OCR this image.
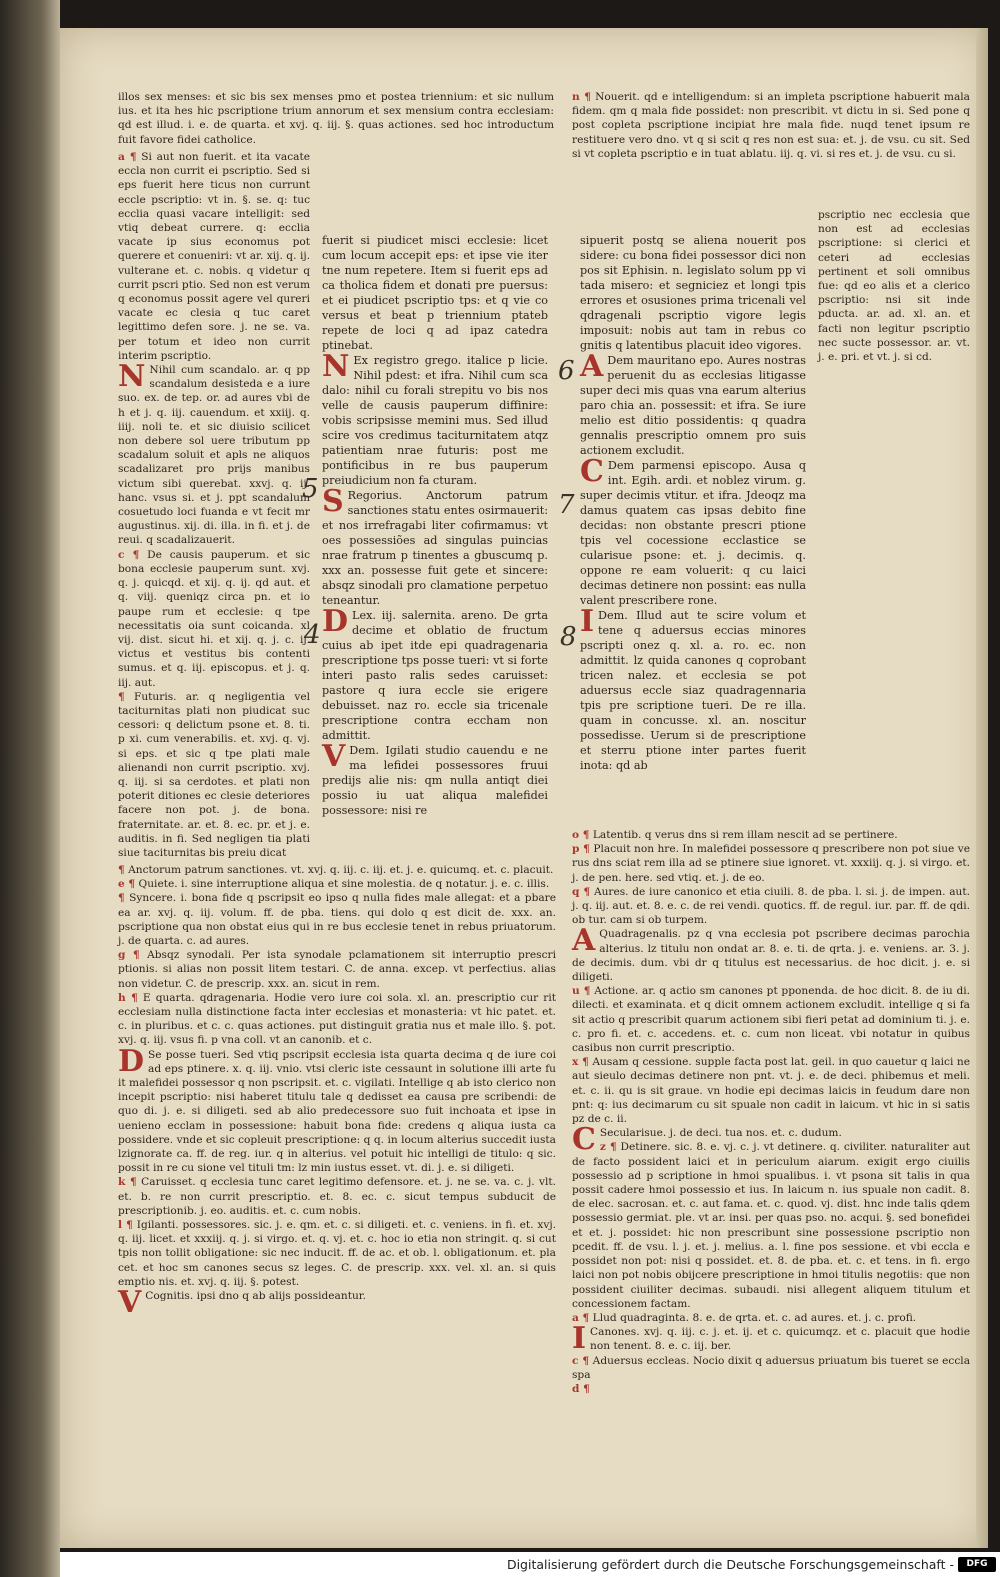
illos sex menses: et sic bis sex menses pmo et postea triennium: et sic nullum ius. et ita hes hic pscriptione trium annorum et sex mensium contra ecclesiam: qd est illud. i. e. de quarta. et xvj. q. iij. §. quas actiones. sed hoc introductum fuit favore fidei catholice.

a ¶ Si aut non fuerit. et ita vacate eccla non currit ei pscriptio. Sed si eps fuerit here ticus non currunt eccle pscriptio: vt in. §. se. q: tuc ecclia quasi vacare intelligit: sed vtiq debeat currere. q: ecclia vacate ip sius economus pot querere et conueniri: vt ar. xij. q. ij. vulterane et. c. nobis. q videtur q currit pscri ptio. Sed non est verum q economus possit agere vel qureri vacate ec clesia q tuc caret legittimo defen sore. j. ne se. va. per totum et ideo non currit interim pscriptio.

N Nihil cum scandalo. ar. q pp scandalum desisteda e a iure suo. ex. de tep. or. ad aures vbi de h et j. q. iij. cauendum. et xxiij. q. iiij. noli te. et sic diuisio scilicet non debere sol uere tributum pp scadalum soluit et apls ne aliquos scadalizaret pro prijs manibus victum sibi querebat. xxvj. q. ij. hanc. vsus si. et j. ppt scandalum cosuetudo loci fuanda e vt fecit mr augustinus. xij. di. illa. in fi. et j. de reui. q scadalizauerit.

c ¶ De causis pauperum. et sic bona ecclesie pauperum sunt. xvj. q. j. quicqd. et xij. q. ij. qd aut. et q. viij. queniqz circa pn. et io paupe rum et ecclesie: q tpe necessitatis oia sunt coicanda. xl vij. dist. sicut hi. et xij. q. j. c. ij. victus et vestitus bis contenti sumus. et q. iij. episcopus. et j. q. iij. aut.

¶ Futuris. ar. q negligentia vel taciturnitas plati non piudicat suc cessori: q delictum psone et. 8. ti. p xi. cum venerabilis. et. xvj. q. vj. si eps. et sic q tpe plati male alienandi non currit pscriptio. xvj. q. iij. si sa cerdotes. et plati non poterit ditiones ec clesie deteriores facere non pot. j. de bona. fraternitate. ar. et. 8. ec. pr. et j. e. auditis. in fi. Sed negligen tia plati siue taciturnitas bis preiu dicat

fuerit si piudicet misci ecclesie: licet cum locum accepit eps: et ipse vie iter tne num repetere. Item si fuerit eps ad ca tholica fidem et donati pre puersus: et ei piudicet pscriptio tps: et q vie co versus et beat p triennium ptateb repete de loci q ad ipaz catedra ptinebat.

N Ex registro grego. italice p licie. Nihil pdest: et ifra. Nihil cum sca dalo: nihil cu forali strepitu vo bis nos velle de causis pauperum diffinire: vobis scripsisse memini mus. Sed illud scire vos credimus taciturnitatem atqz patientiam nrae futuris: post me pontificibus in re bus pauperum preiudicium non fa cturam.

S Regorius. Anctorum patrum sanctiones statu entes osirmauerit: et nos irrefragabi liter cofirmamus: vt oes possessiões ad singulas puincias nrae fratrum p tinentes a gbuscumq p. xxx an. possesse fuit gete et sincere: absqz sinodali pro clamatione perpetuo teneantur.

D Lex. iij. salernita. areno. De grta decime et oblatio de fructum cuius ab ipet itde epi quadragenaria prescriptione tps posse tueri: vt si forte interi pasto ralis sedes caruisset: pastore q iura eccle sie erigere debuisset. naz ro. eccle sia tricenale prescriptione contra eccham non admittit.

V Dem. Igilati studio cauendu e ne ma lefidei possessores fruui predijs alie nis: qm nulla antiqt diei possio iu uat aliqua malefidei possessore: nisi re

n ¶ Nouerit. qd e intelligendum: si an impleta pscriptione habuerit mala fidem. qm q mala fide possidet: non prescribit. vt dictu in si. Sed pone q post copleta pscriptione incipiat hre mala fide. nuqd tenet ipsum re restituere vero dno. vt q si scit q res non est sua: et. j. de vsu. cu sit. Sed si vt copleta pscriptio e in tuat ablatu. iij. q. vi. si res et. j. de vsu. cu si.

sipuerit postq se aliena nouerit pos sidere: cu bona fidei possessor dici non pos sit Ephisin. n. legislato solum pp vi tada misero: et segniciez et longi tpis errores et osusiones prima tricenali vel qdragenali pscriptio vigore legis imposuit: nobis aut tam in rebus co gnitis q latentibus placuit ideo vigores.

A Dem mauritano epo. Aures nostras peruenit du as ecclesias litigasse super deci mis quas vna earum alterius paro chia an. possessit: et ifra. Se iure melio est ditio possidentis: q quadra gennalis prescriptio omnem pro suis actionem excludit.

C Dem parmensi episcopo. Ausa q int. Egih. ardi. et noblez virum. g. super decimis vtitur. et ifra. Jdeoqz ma damus quatem cas ipsas debito fine decidas: non obstante prescri ptione tpis vel cocessione ecclastice se cularisue psone: et. j. decimis. q. oppone re eam voluerit: q cu laici decimas detinere non possint: eas nulla valent prescribere rone.

I Dem. Illud aut te scire volum et tene q aduersus eccias minores pscripti onez q. xl. a. ro. ec. non admittit. lz quida canones q coprobant tricen nalez. et ecclesia se pot aduersus eccle siaz quadragennaria tpis pre scriptione tueri. De re illa. quam in concusse. xl. an. noscitur possedisse. Uerum si de prescriptione et sterru ptione inter partes fuerit inota: qd ab

pscriptio nec ecclesia que non est ad ecclesias pscriptione: si clerici et ceteri ad ecclesias pertinent et soli omnibus fue: qd eo alis et a clerico pscriptio: nsi sit inde pducta. ar. ad. xl. an. et facti non legitur pscriptio nec sucte possessor. ar. vt. j. e. pri. et vt. j. si cd.

¶ Anctorum patrum sanctiones. vt. xvj. q. iij. c. iij. et. j. e. quicumq. et. c. placuit.

e ¶ Quiete. i. sine interruptione aliqua et sine molestia. de q notatur. j. e. c. illis.

¶ Syncere. i. bona fide q pscripsit eo ipso q nulla fides male allegat: et a pbare ea ar. xvj. q. iij. volum. ff. de pba. tiens. qui dolo q est dicit de. xxx. an. pscriptione qua non obstat eius qui in re bus ecclesie tenet in rebus priuatorum. j. de quarta. c. ad aures.

g ¶ Absqz synodali. Per ista synodale pclamationem sit interruptio prescri ptionis. si alias non possit litem testari. C. de anna. excep. vt perfectius. alias non videtur. C. de prescrip. xxx. an. sicut in rem.

h ¶ E quarta. qdragenaria. Hodie vero iure coi sola. xl. an. prescriptio cur rit ecclesiam nulla distinctione facta inter ecclesias et monasteria: vt hic patet. et. c. in pluribus. et c. c. quas actiones. put distinguit gratia nus et male illo. §. pot. xvj. q. iij. vsus fi. p vna coll. vt an canonib. et c.

D Se posse tueri. Sed vtiq pscripsit ecclesia ista quarta decima q de iure coi ad eps ptinere. x. q. iij. vnio. vtsi cleric iste cessaunt in solutione illi arte fu it malefidei possessor q non pscripsit. et. c. vigilati. Intellige q ab isto clerico non incepit pscriptio: nisi haberet titulu tale q dedisset ea causa pre scribendi: de quo di. j. e. si diligeti. sed ab alio predecessore suo fuit inchoata et ipse in uenieno ecclam in possessione: habuit bona fide: credens q aliqua iusta ca possidere. vnde et sic copleuit prescriptione: q q. in locum alterius succedit iusta lzignorate ca. ff. de reg. iur. q in alterius. vel potuit hic intelligi de titulo: q sic. possit in re cu sione vel tituli tm: lz min iustus esset. vt. di. j. e. si diligeti.

k ¶ Caruisset. q ecclesia tunc caret legitimo defensore. et. j. ne se. va. c. j. vlt. et. b. re non currit prescriptio. et. 8. ec. c. sicut tempus subducit de prescriptionib. j. eo. auditis. et. c. cum nobis.

l ¶ Igilanti. possessores. sic. j. e. qm. et. c. si diligeti. et. c. veniens. in fi. et. xvj. q. iij. licet. et xxxiij. q. j. si virgo. et. q. vj. et. c. hoc io etia non stringit. q. si cut tpis non tollit obligatione: sic nec inducit. ff. de ac. et ob. l. obligationum. et. pla cet. et hoc sm canones secus sz leges. C. de prescrip. xxx. vel. xl. an. si quis emptio nis. et. xvj. q. iij. §. potest.

V Cognitis. ipsi dno q ab alijs possideantur.

o ¶ Latentib. q verus dns si rem illam nescit ad se pertinere.

p ¶ Placuit non hre. In malefidei possessore q prescribere non pot siue ve rus dns sciat rem illa ad se ptinere siue ignoret. vt. xxxiij. q. j. si virgo. et. j. de pen. here. sed vtiq. et. j. de eo.

q ¶ Aures. de iure canonico et etia ciuili. 8. de pba. l. si. j. de impen. aut. j. q. iij. aut. et. 8. e. c. de rei vendi. quotics. ff. de regul. iur. par. ff. de qdi. ob tur. cam si ob turpem.

A Quadragenalis. pz q vna ecclesia pot pscribere decimas parochia alterius. lz titulu non ondat ar. 8. e. ti. de qrta. j. e. veniens. ar. 3. j. de decimis. dum. vbi dr q titulus est necessarius. de hoc dicit. j. e. si diligeti.

u ¶ Actione. ar. q actio sm canones pt pponenda. de hoc dicit. 8. de iu di. dilecti. et examinata. et q dicit omnem actionem excludit. intellige q si fa sit actio q prescribit quarum actionem sibi fieri petat ad dominium ti. j. e. c. pro fi. et. c. accedens. et. c. cum non liceat. vbi notatur in quibus casibus non currit prescriptio.

x ¶ Ausam q cessione. supple facta post lat. geil. in quo cauetur q laici ne aut sieulo decimas detinere non pnt. vt. j. e. de deci. phibemus et meli. et. c. ii. qu is sit graue. vn hodie epi decimas laicis in feudum dare non pnt: q: ius decimarum cu sit spuale non cadit in laicum. vt hic in si satis pz de c. ii.

C Secularisue. j. de deci. tua nos. et. c. dudum.

z ¶ Detinere. sic. 8. e. vj. c. j. vt detinere. q. civiliter. naturaliter aut de facto possident laici et in periculum aiarum. exigit ergo ciuilis possessio ad p scriptione in hmoi spualibus. i. vt psona sit talis in qua possit cadere hmoi possessio et ius. In laicum n. ius spuale non cadit. 8. de elec. sacrosan. et. c. aut fama. et. c. quod. vj. dist. hnc inde talis qdem possessio germiat. ple. vt ar. insi. per quas pso. no. acqui. §. sed bonefidei et et. j. possidet: hic non prescribunt sine possessione pscriptio non pcedit. ff. de vsu. l. j. et. j. melius. a. l. fine pos sessione. et vbi eccla e possidet non pot: nisi q possidet. et. 8. de pba. et. c. et tens. in fi. ergo laici non pot nobis obijcere prescriptione in hmoi titulis negotiis: que non possident ciuiliter decimas. subaudi. nisi allegent aliquem titulum et concessionem factam.

a ¶ Llud quadraginta. 8. e. de qrta. et. c. ad aures. et. j. c. profi.

I Canones. xvj. q. iij. c. j. et. ij. et c. quicumqz. et c. placuit que hodie non tenent. 8. e. c. iij. ber.

c ¶ Aduersus eccleas. Nocio dixit q aduersus priuatum bis tueret se eccla spa

d ¶

6
7
5
4	8
Digitalisierung gefördert durch die Deutsche Forschungsgemeinschaft -	DFG
